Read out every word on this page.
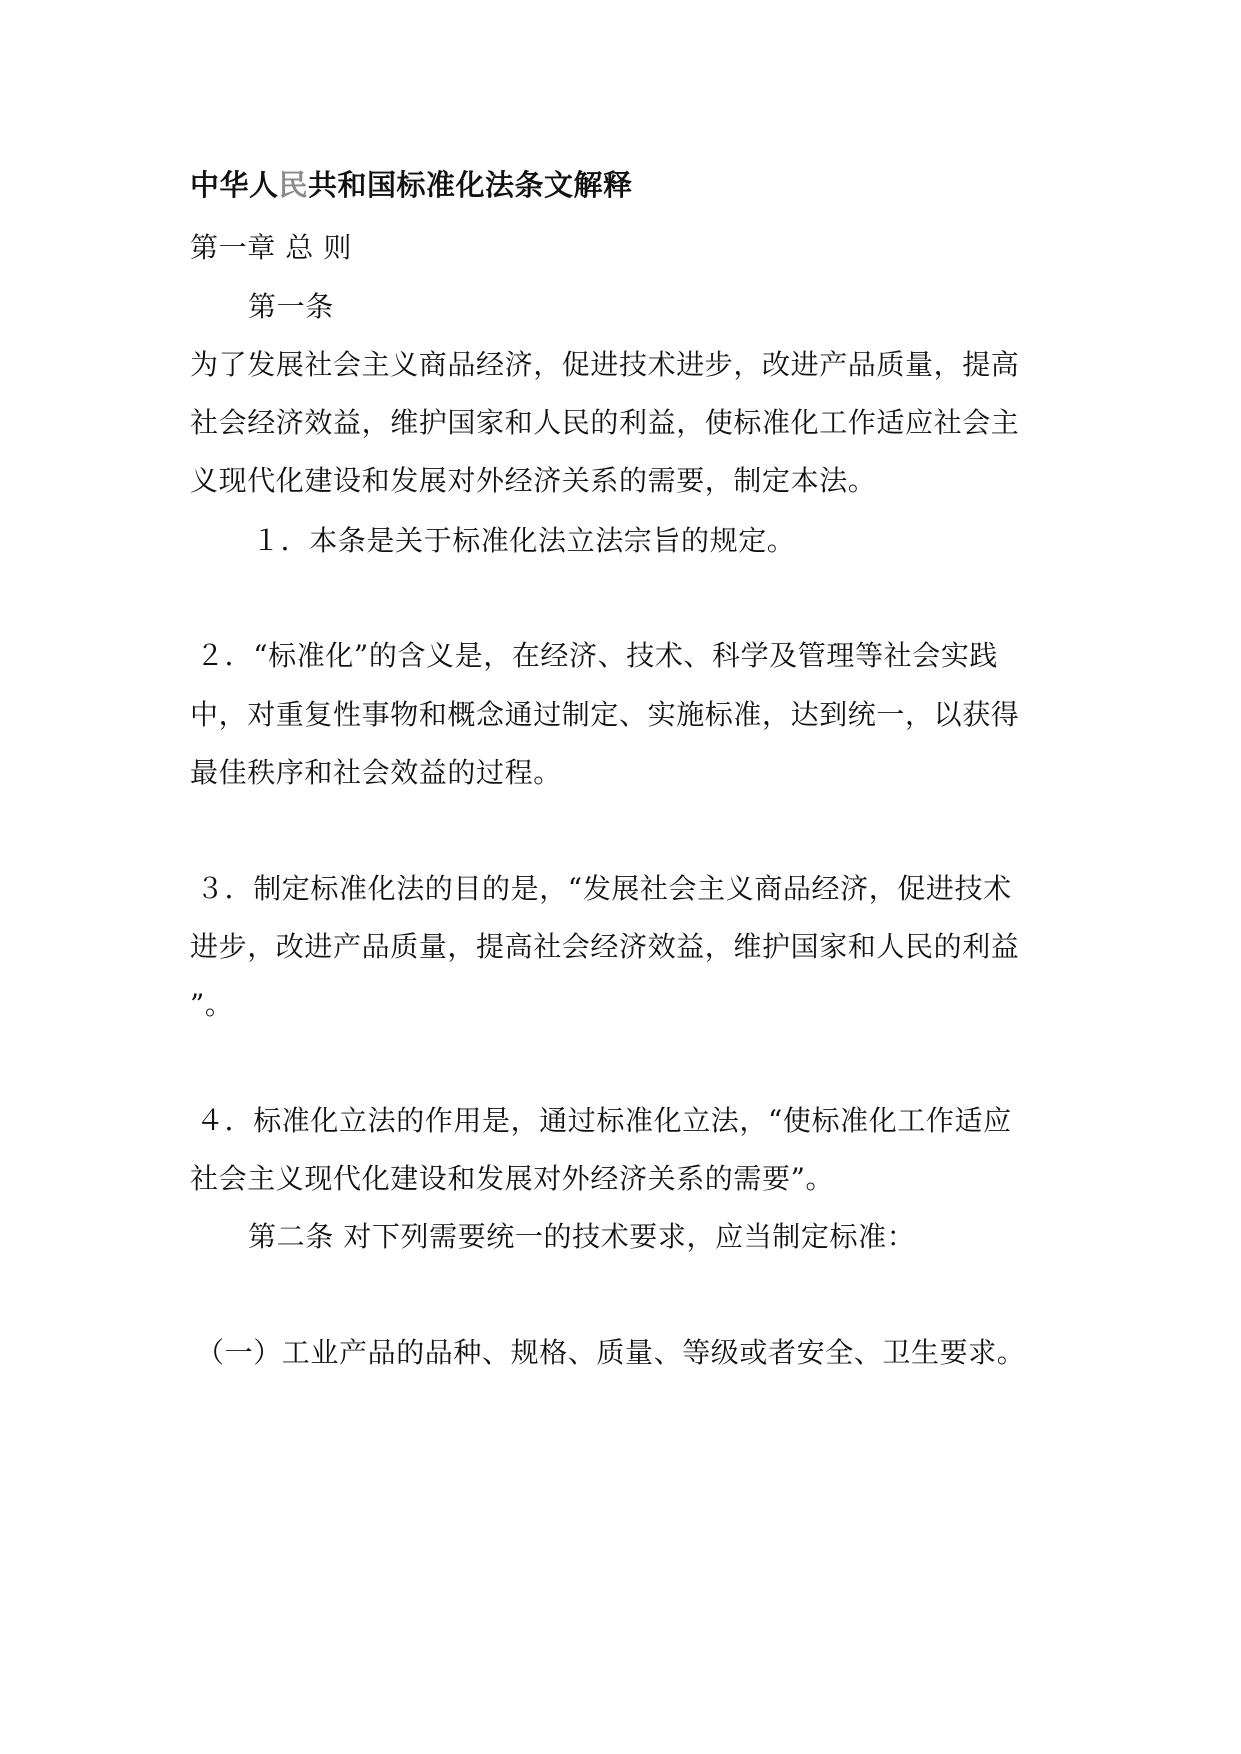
中华人民共和国标准化法条文解释
第一章 总 则
第一条
为了发展社会主义商品经济，促进技术进步，改进产品质量，提高
社会经济效益，维护国家和人民的利益，使标准化工作适应社会主
义现代化建设和发展对外经济关系的需要，制定本法。
１．本条是关于标准化法立法宗旨的规定。
２．“标准化”的含义是，在经济、技术、科学及管理等社会实践
中，对重复性事物和概念通过制定、实施标准，达到统一，以获得
最佳秩序和社会效益的过程。
３．制定标准化法的目的是，“发展社会主义商品经济，促进技术
进步，改进产品质量，提高社会经济效益，维护国家和人民的利益
”。
４．标准化立法的作用是，通过标准化立法，“使标准化工作适应
社会主义现代化建设和发展对外经济关系的需要”。
第二条 对下列需要统一的技术要求，应当制定标准：
（一）工业产品的品种、规格、质量、等级或者安全、卫生要求。
